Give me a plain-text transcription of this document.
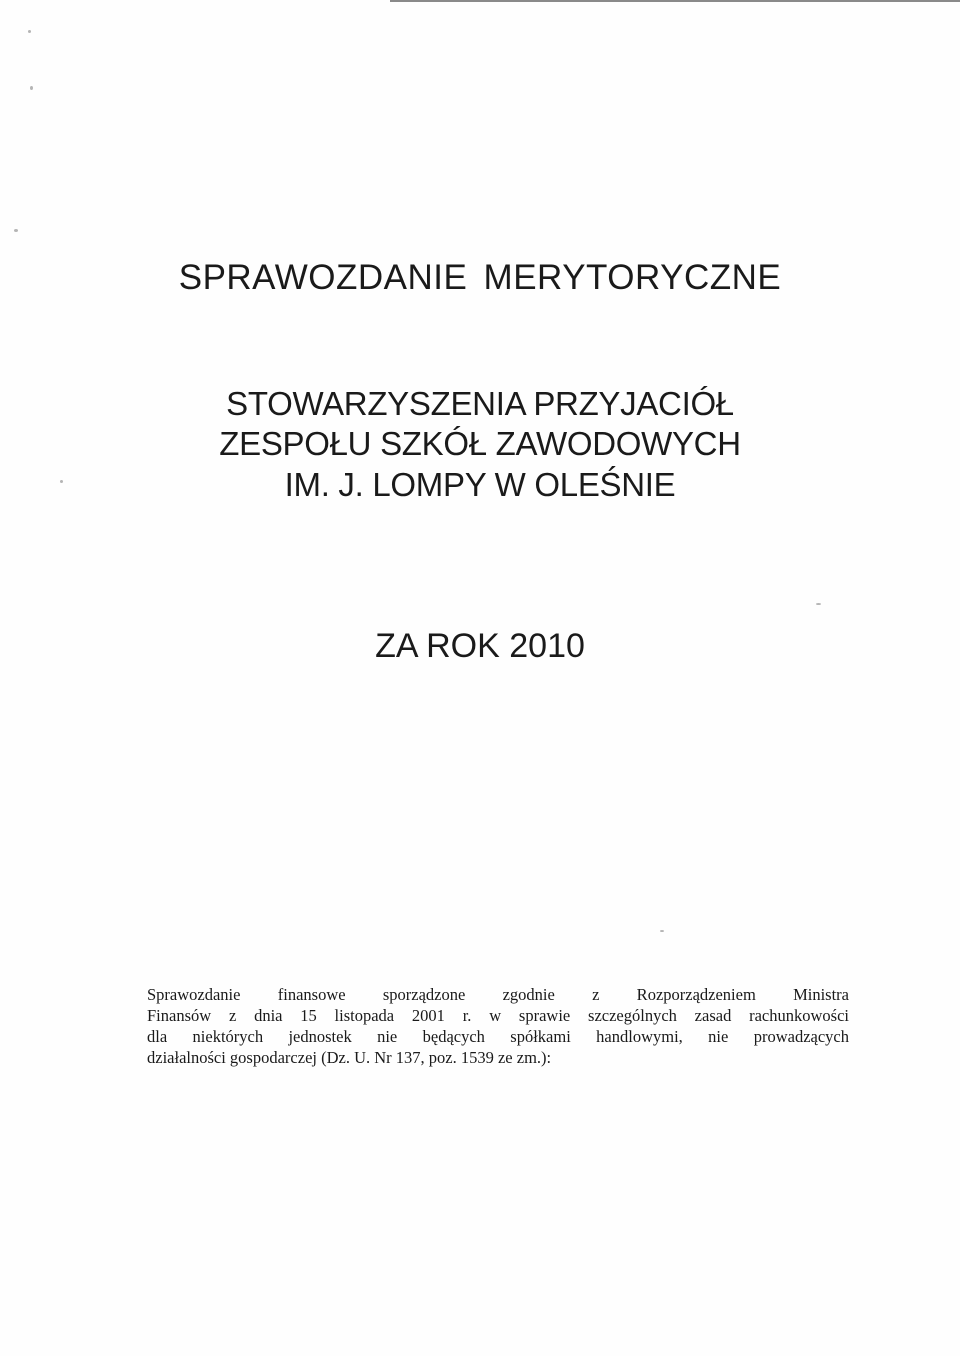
SPRAWOZDANIE MERYTORYCZNE
STOWARZYSZENIA PRZYJACIÓŁ
ZESPOŁU SZKÓŁ ZAWODOWYCH
IM. J. LOMPY W OLEŚNIE
ZA ROK 2010
Sprawozdanie finansowe sporządzone zgodnie z Rozporządzeniem Ministra
Finansów z dnia 15 listopada 2001 r. w sprawie szczególnych zasad rachunkowości
dla niektórych jednostek nie będących spółkami handlowymi, nie prowadzących
działalności gospodarczej (Dz. U. Nr 137, poz. 1539 ze zm.):
